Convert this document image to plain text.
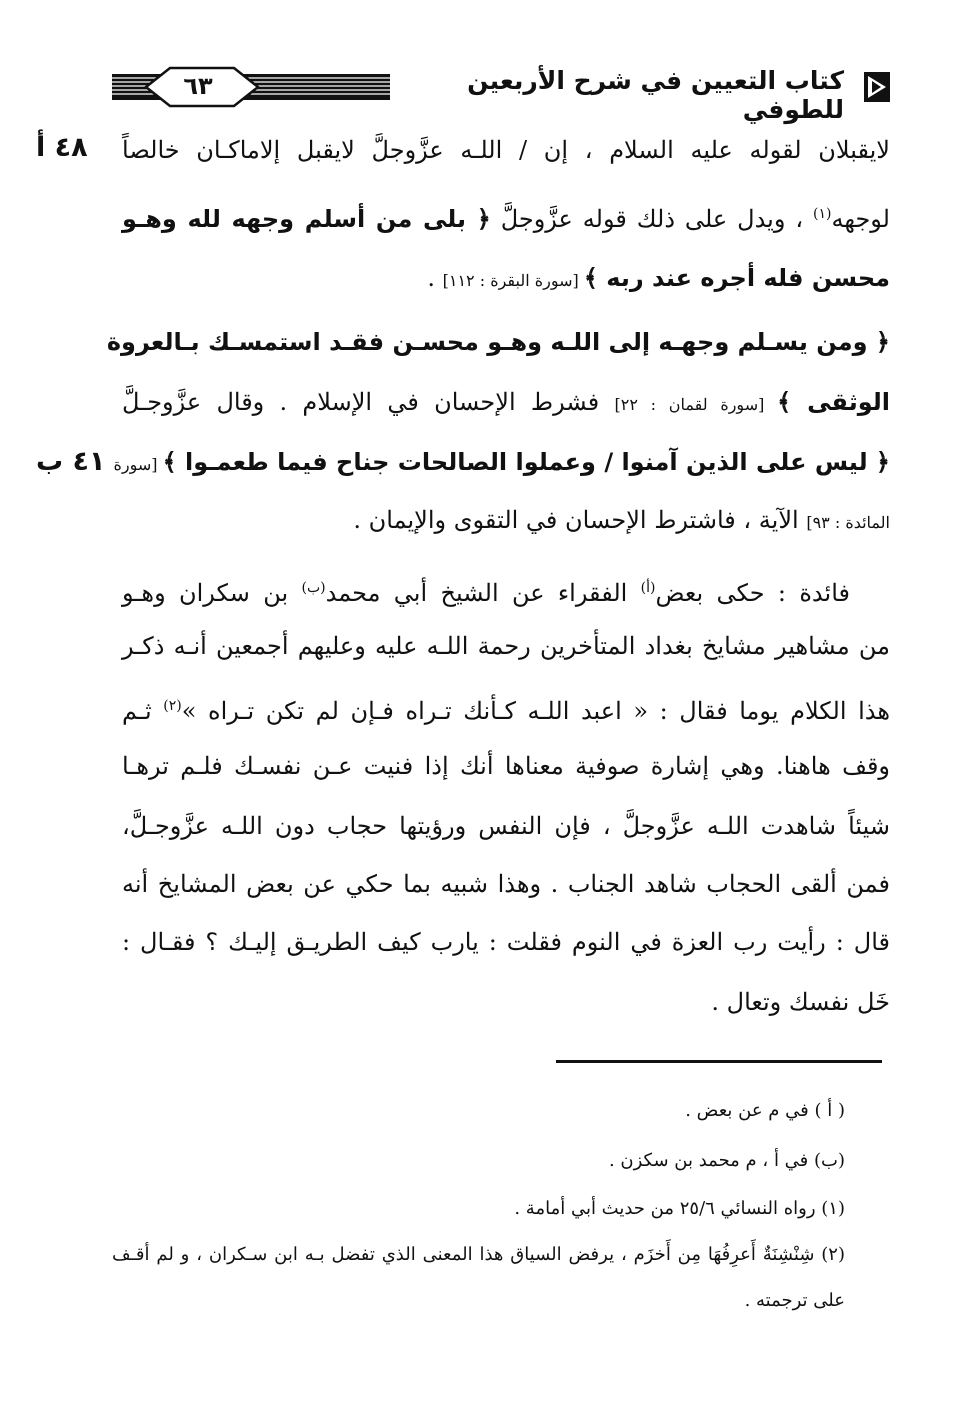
كتاب التعيين في شرح الأربعين للطوفي
٦٣
٤٨ أ
٤١ ب
لايقبلان لقوله عليه السلام ، إن / اللـه عزَّوجلَّ لايقبل إلاماكـان خالصاً
لوجهه$^{(١)}$ ، ويدل على ذلك قوله عزَّوجلَّ ﴿ بلى من أسلم وجهه لله وهـو
محسن فله أجره عند ربه ﴾ [سورة البقرة : ١١٢] .
﴿ ومن يسـلم وجهـه إلى اللـه وهـو محسـن فقـد استمسـك بـالعروة
الوثقى ﴾ [سورة لقمان : ٢٢] فشرط الإحسان في الإسلام . وقال عزَّوجـلَّ
﴿ ليس على الذين آمنوا / وعملوا الصالحات جناح فيما طعمـوا ﴾ [سورة
المائدة : ٩٣] الآية ، فاشترط الإحسان في التقوى والإيمان .
فائدة : حكى بعض$^{(أ)}$ الفقراء عن الشيخ أبي محمد$^{(ب)}$ بن سكران وهـو
من مشاهير مشايخ بغداد المتأخرين رحمة اللـه عليه وعليهم أجمعين أنـه ذكـر
هذا الكلام يوما فقال : « اعبد اللـه كـأنك تـراه فـإن لم تكن تـراه »$^{(٢)}$ ثـم
وقف هاهنا. وهي إشارة صوفية معناها أنك إذا فنيت عـن نفسـك فلـم ترهـا
شيئاً شاهدت اللـه عزَّوجلَّ ، فإن النفس ورؤيتها حجاب دون اللـه عزَّوجـلَّ،
فمن ألقى الحجاب شاهد الجناب . وهذا شبيه بما حكي عن بعض المشايخ أنه
قال : رأيت رب العزة في النوم فقلت : يارب كيف الطريـق إليـك ؟ فقـال :
خَل نفسك وتعال .
( أ ) في م عن بعض .
(ب) في أ ، م محمد بن سكزن .
(١) رواه النسائي ٢٥/٦ من حديث أبي أمامة .
(٢) شِنْشِنَةٌ أَعرِفُهَا مِن أَخزَم ، يرفض السياق هذا المعنى الذي تفضل بـه ابن سـكران ، و لم أقـف
على ترجمته .
